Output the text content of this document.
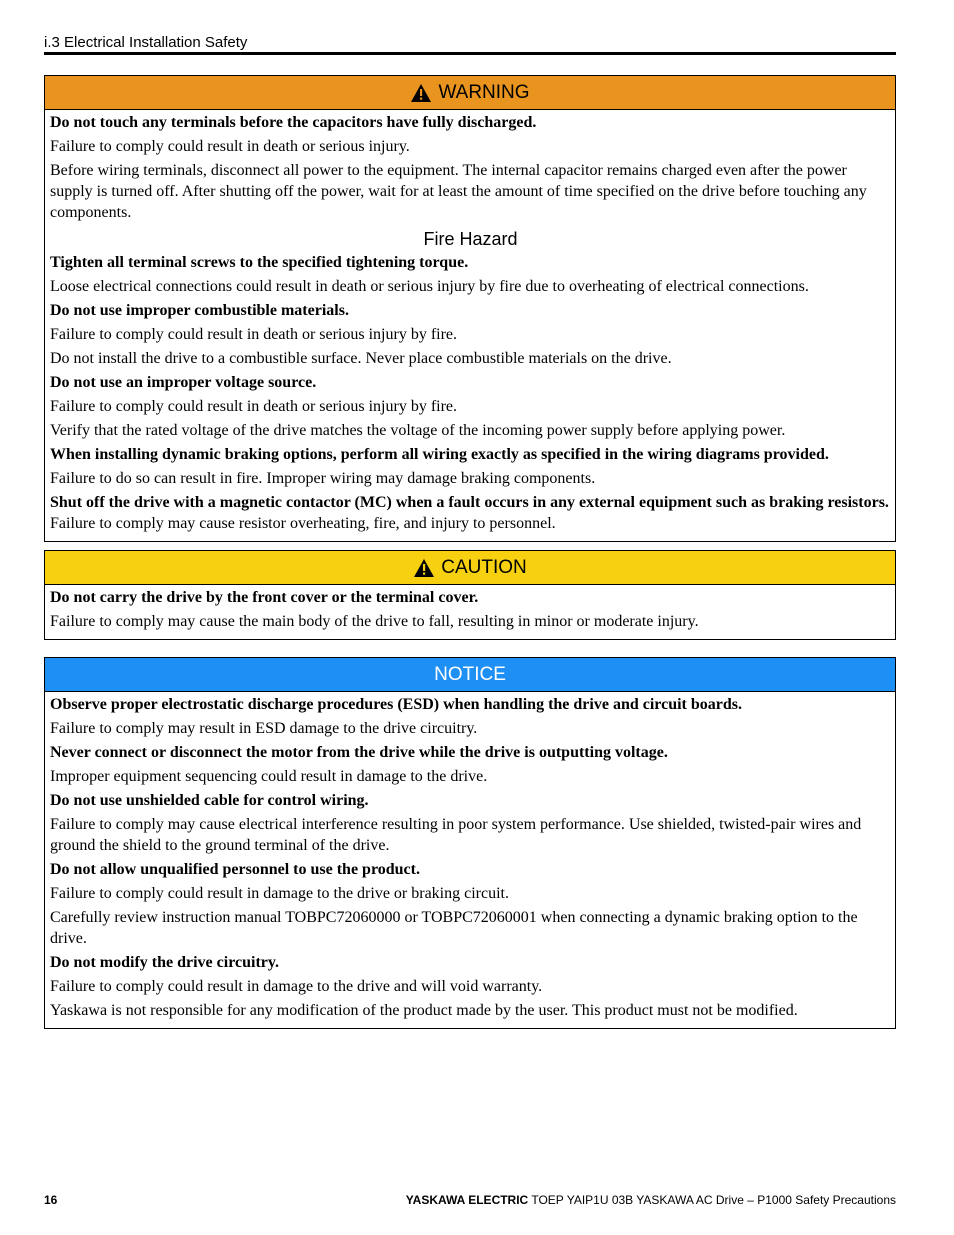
i.3 Electrical Installation Safety
WARNING

Do not touch any terminals before the capacitors have fully discharged.

Failure to comply could result in death or serious injury.

Before wiring terminals, disconnect all power to the equipment. The internal capacitor remains charged even after the power supply is turned off. After shutting off the power, wait for at least the amount of time specified on the drive before touching any components.

Fire Hazard

Tighten all terminal screws to the specified tightening torque.

Loose electrical connections could result in death or serious injury by fire due to overheating of electrical connections.

Do not use improper combustible materials.

Failure to comply could result in death or serious injury by fire.

Do not install the drive to a combustible surface. Never place combustible materials on the drive.

Do not use an improper voltage source.

Failure to comply could result in death or serious injury by fire.

Verify that the rated voltage of the drive matches the voltage of the incoming power supply before applying power.

When installing dynamic braking options, perform all wiring exactly as specified in the wiring diagrams provided.

Failure to do so can result in fire. Improper wiring may damage braking components.

Shut off the drive with a magnetic contactor (MC) when a fault occurs in any external equipment such as braking resistors. Failure to comply may cause resistor overheating, fire, and injury to personnel.

CAUTION

Do not carry the drive by the front cover or the terminal cover.

Failure to comply may cause the main body of the drive to fall, resulting in minor or moderate injury.

NOTICE

Observe proper electrostatic discharge procedures (ESD) when handling the drive and circuit boards.

Failure to comply may result in ESD damage to the drive circuitry.

Never connect or disconnect the motor from the drive while the drive is outputting voltage.

Improper equipment sequencing could result in damage to the drive.

Do not use unshielded cable for control wiring.

Failure to comply may cause electrical interference resulting in poor system performance. Use shielded, twisted-pair wires and ground the shield to the ground terminal of the drive.

Do not allow unqualified personnel to use the product.

Failure to comply could result in damage to the drive or braking circuit.

Carefully review instruction manual TOBPC72060000 or TOBPC72060001 when connecting a dynamic braking option to the drive.

Do not modify the drive circuitry.

Failure to comply could result in damage to the drive and will void warranty.

Yaskawa is not responsible for any modification of the product made by the user. This product must not be modified.

16	YASKAWA ELECTRIC TOEP YAIP1U 03B YASKAWA AC Drive – P1000 Safety Precautions
